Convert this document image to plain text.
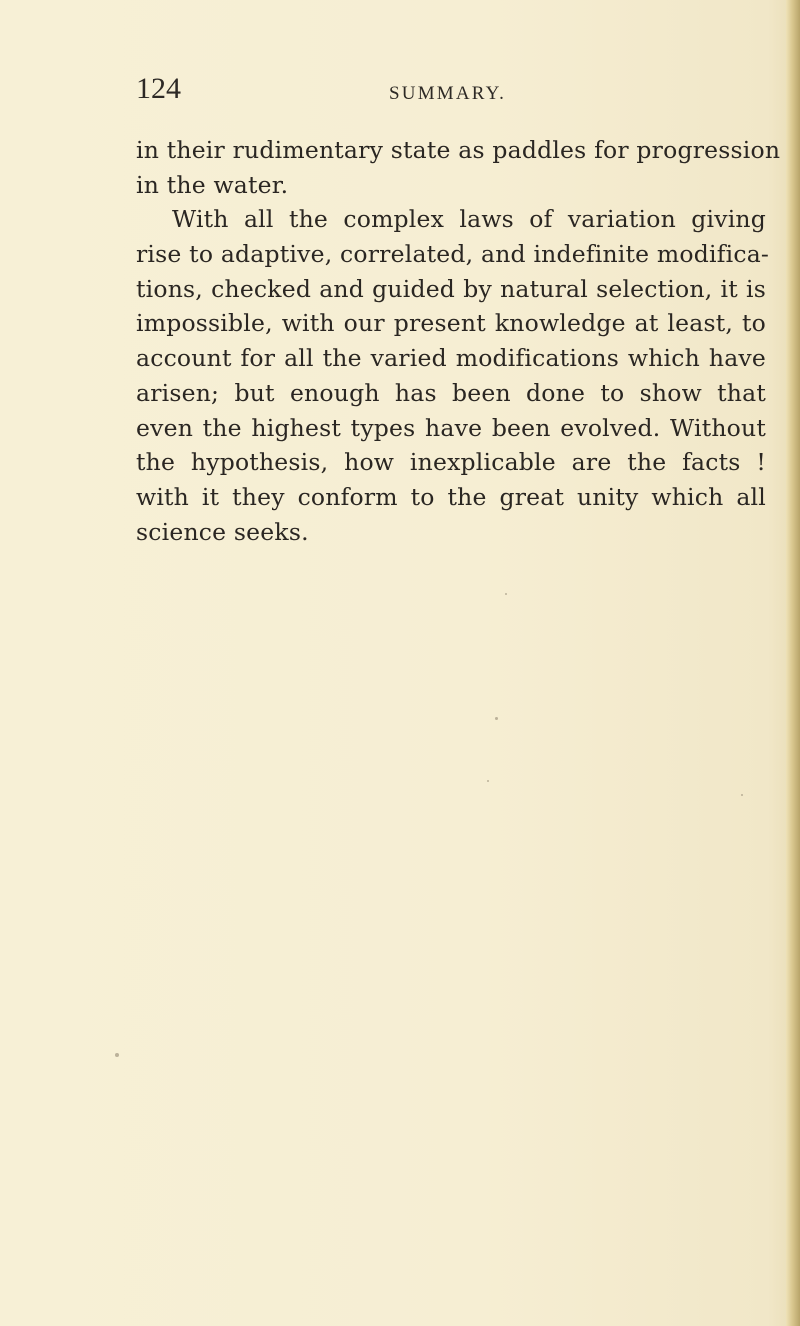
124	SUMMARY.
in their rudimentary state as paddles for progression
in the water.
With all the complex laws of variation giving
rise to adaptive, correlated, and indefinite modifica-
tions, checked and guided by natural selection, it is
impossible, with our present knowledge at least, to
account for all the varied modifications which have
arisen; but enough has been done to show that
even the highest types have been evolved. Without
the hypothesis, how inexplicable are the facts !
with it they conform to the great unity which all
science seeks.
